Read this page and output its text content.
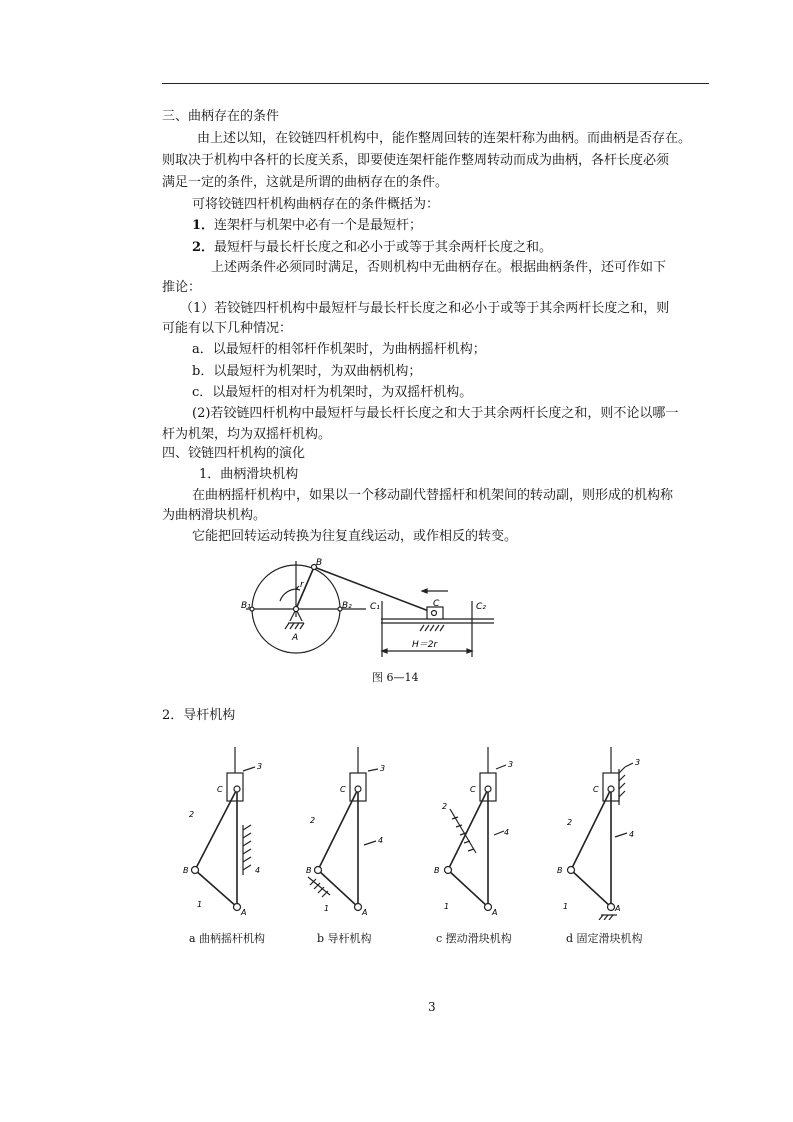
三、曲柄存在的条件
由上述以知，在铰链四杆机构中，能作整周回转的连架杆称为曲柄。而曲柄是否存在。
则取决于机构中各杆的长度关系，即要使连架杆能作整周转动而成为曲柄，各杆长度必须
满足一定的条件，这就是所谓的曲柄存在的条件。
可将铰链四杆机构曲柄存在的条件概括为：
1．连架杆与机架中必有一个是最短杆；
2．最短杆与最长杆长度之和必小于或等于其余两杆长度之和。
上述两条件必须同时满足，否则机构中无曲柄存在。根据曲柄条件，还可作如下
推论：
（1）若铰链四杆机构中最短杆与最长杆长度之和必小于或等于其余两杆长度之和，则
可能有以下几种情况：
a．以最短杆的相邻杆作机架时，为曲柄摇杆机构；
b．以最短杆为机架时，为双曲柄机构；
c．以最短杆的相对杆为机架时，为双摇杆机构。
(2)若铰链四杆机构中最短杆与最长杆长度之和大于其余两杆长度之和，则不论以哪一
杆为机架，均为双摇杆机构。
四、铰链四杆机构的演化
1．曲柄滑块机构
在曲柄摇杆机构中，如果以一个移动副代替摇杆和机架间的转动副，则形成的机构称
为曲柄滑块机构。
它能把回转运动转换为往复直线运动，或作相反的转变。
B₁	B₂
B
r
A
C₁	C	C₂
H＝2r
图 6—14
2．导杆机构
C
B
A
2
1
3
4
C
B
A
2
1
3
4
C
B
A
2
1
3
4
C
B
A
2
1
3
4
a 曲柄摇杆机构	b 导杆机构	c 摆动滑块机构	d 固定滑块机构
3
